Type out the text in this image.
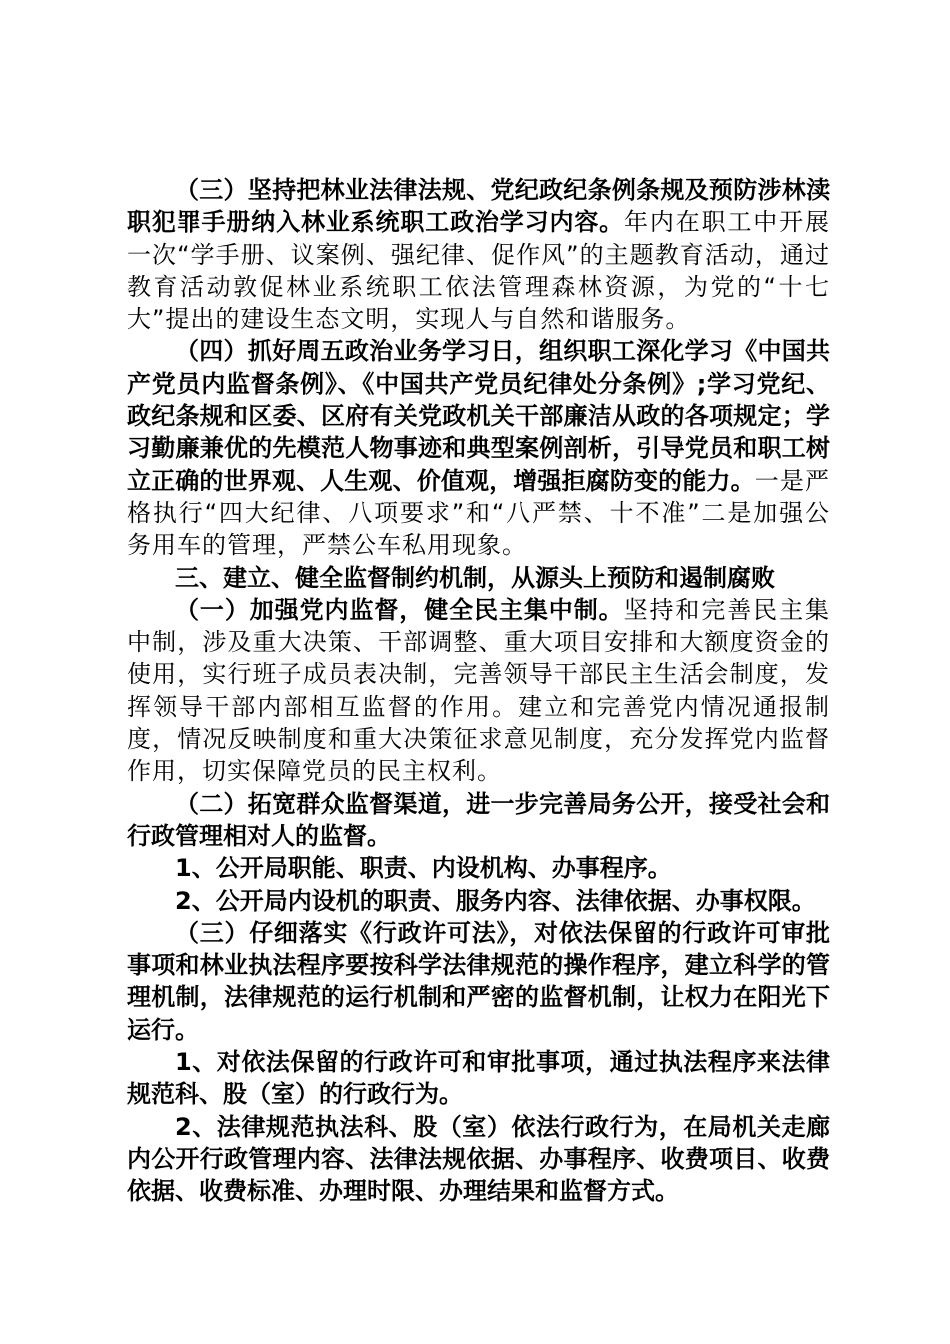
（三）坚持把林业法律法规、党纪政纪条例条规及预防涉林渎职犯罪手册纳入林业系统职工政治学习内容。年内在职工中开展一次“学手册、议案例、强纪律、促作风”的主题教育活动，通过教育活动敦促林业系统职工依法管理森林资源，为党的“十七大”提出的建设生态文明，实现人与自然和谐服务。

（四）抓好周五政治业务学习日，组织职工深化学习《中国共产党员内监督条例》、《中国共产党员纪律处分条例》;学习党纪、政纪条规和区委、区府有关党政机关干部廉洁从政的各项规定；学习勤廉兼优的先模范人物事迹和典型案例剖析，引导党员和职工树立正确的世界观、人生观、价值观，增强拒腐防变的能力。一是严格执行“四大纪律、八项要求”和“八严禁、十不准”二是加强公务用车的管理，严禁公车私用现象。

三、建立、健全监督制约机制，从源头上预防和遏制腐败

（一）加强党内监督，健全民主集中制。坚持和完善民主集中制，涉及重大决策、干部调整、重大项目安排和大额度资金的使用，实行班子成员表决制，完善领导干部民主生活会制度，发挥领导干部内部相互监督的作用。建立和完善党内情况通报制度，情况反映制度和重大决策征求意见制度，充分发挥党内监督作用，切实保障党员的民主权利。

（二）拓宽群众监督渠道，进一步完善局务公开，接受社会和行政管理相对人的监督。

1、公开局职能、职责、内设机构、办事程序。

2、公开局内设机的职责、服务内容、法律依据、办事权限。

（三）仔细落实《行政许可法》，对依法保留的行政许可审批事项和林业执法程序要按科学法律规范的操作程序，建立科学的管理机制，法律规范的运行机制和严密的监督机制，让权力在阳光下运行。

1、对依法保留的行政许可和审批事项，通过执法程序来法律规范科、股（室）的行政行为。

2、法律规范执法科、股（室）依法行政行为，在局机关走廊内公开行政管理内容、法律法规依据、办事程序、收费项目、收费依据、收费标准、办理时限、办理结果和监督方式。
